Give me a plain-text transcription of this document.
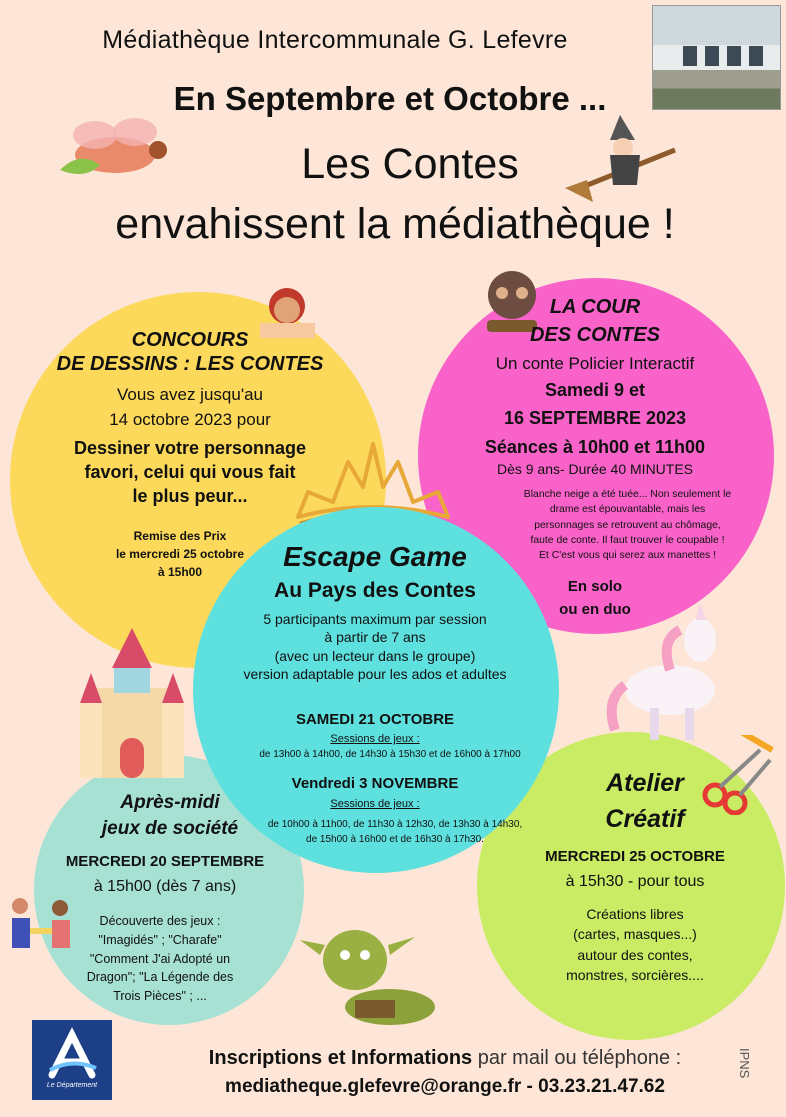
Médiathèque Intercommunale G. Lefevre
En Septembre et Octobre ...
Les Contes
envahissent la médiathèque !
CONCOURS
DE DESSINS : LES CONTES
Vous avez jusqu'au
14 octobre 2023 pour
Dessiner votre personnage
favori, celui qui vous fait
le plus peur...
Remise des Prix
le mercredi 25 octobre
à 15h00
LA COUR
DES CONTES
Un conte Policier Interactif
Samedi 9 et
16 SEPTEMBRE 2023
Séances à 10h00 et 11h00
Dès 9 ans- Durée 40 MINUTES
Blanche neige a été tuée... Non seulement le
drame est épouvantable, mais les
personnages se retrouvent au chômage,
faute de conte. Il faut trouver le coupable !
Et C'est vous qui serez aux manettes !
En solo
ou en duo
Escape Game
Au Pays des Contes
5 participants maximum par session
à partir de 7 ans
(avec un lecteur dans le groupe)
version adaptable pour les ados et adultes
SAMEDI 21 OCTOBRE
Sessions de jeux :
de 13h00 à 14h00, de 14h30 à 15h30 et de 16h00 à 17h00
Vendredi 3 NOVEMBRE
Sessions de jeux :
de 10h00 à 11h00, de 11h30 à 12h30, de 13h30 à 14h30,
de 15h00 à 16h00 et de 16h30 à 17h30.
Après-midi
jeux de société
MERCREDI 20 SEPTEMBRE
à 15h00 (dès 7 ans)
Découverte des jeux :
"Imagidés" ; "Charafe"
"Comment J'ai Adopté un
Dragon"; "La Légende des
Trois Pièces" ; ...
Atelier
Créatif
MERCREDI 25 OCTOBRE
à 15h30 - pour tous
Créations libres
(cartes, masques...)
autour des contes,
monstres, sorcières....
Le Département
Inscriptions et Informations par mail ou téléphone :
mediatheque.glefevre@orange.fr - 03.23.21.47.62
IPNS
